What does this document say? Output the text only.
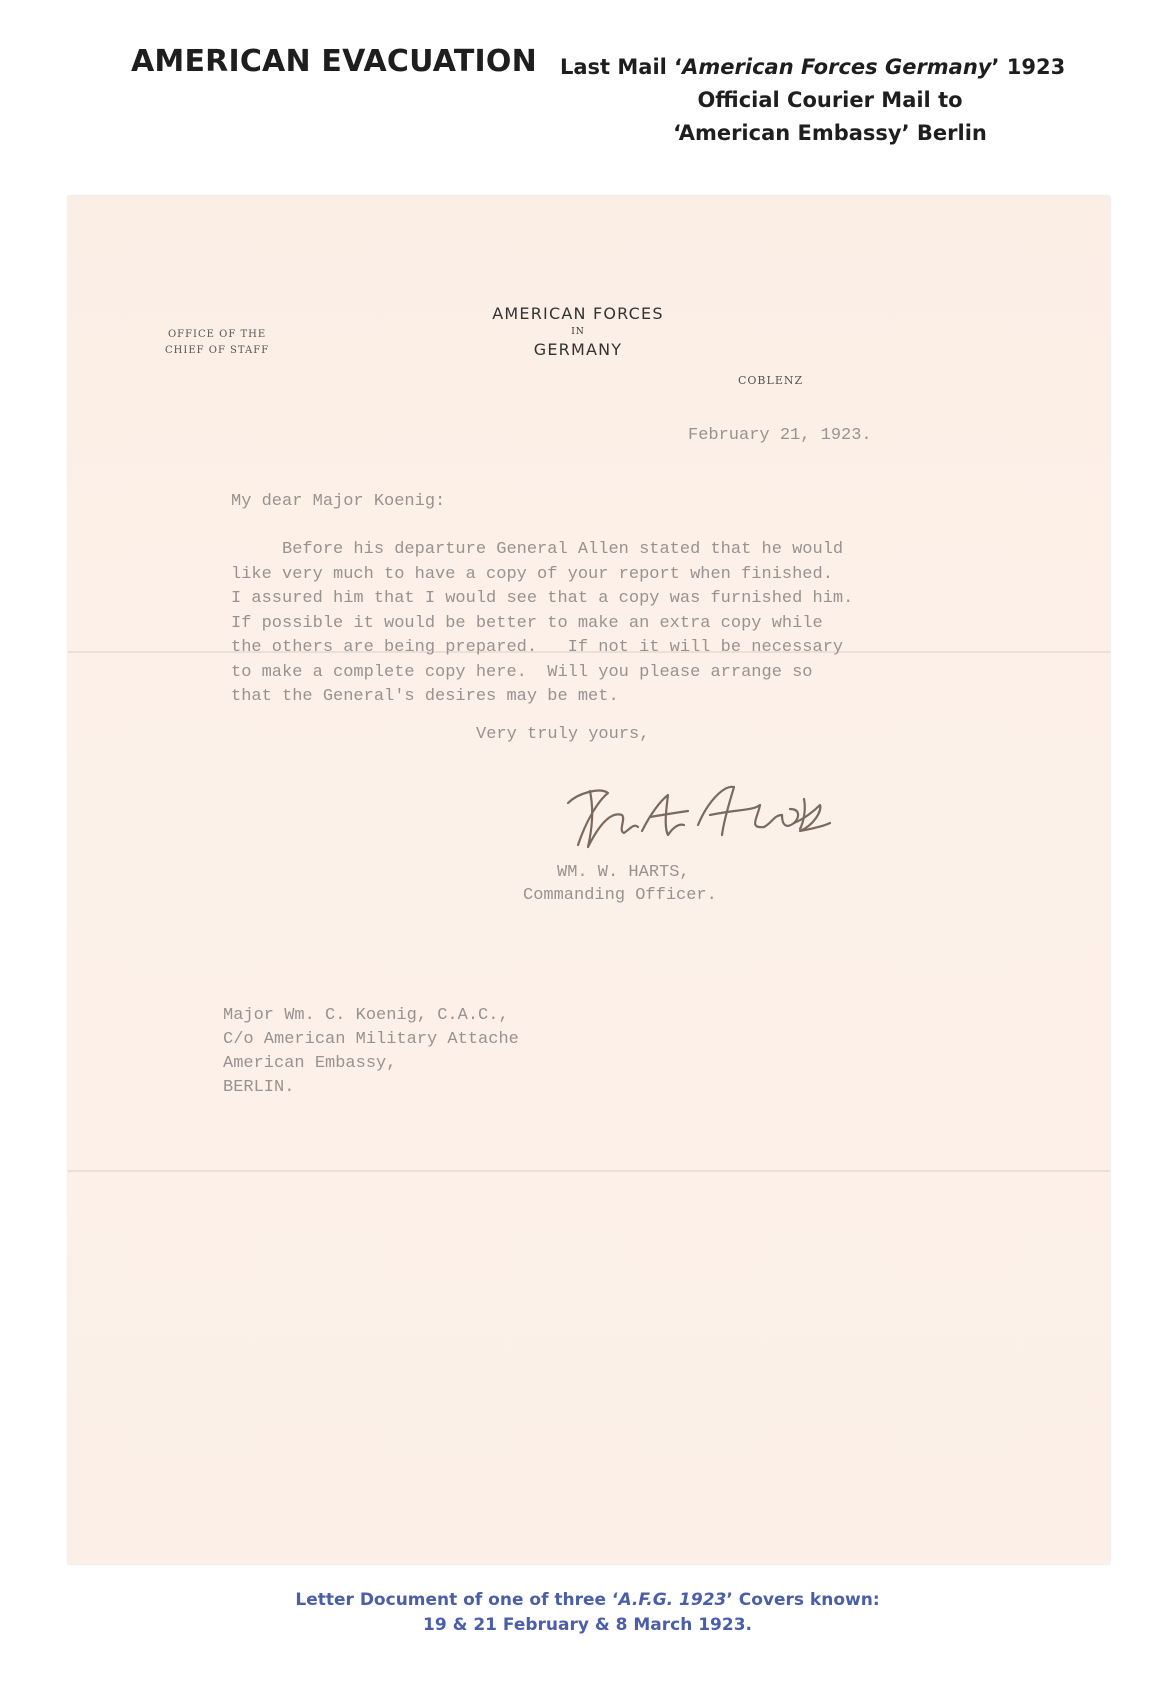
AMERICAN EVACUATION Last Mail ‘American Forces Germany’ 1923
Official Courier Mail to
‘American Embassy’ Berlin
OFFICE OF THE
CHIEF OF STAFF
AMERICAN FORCES
IN
GERMANY
COBLENZ
February 21, 1923.
My dear Major Koenig:
Before his departure General Allen stated that he would
like very much to have a copy of your report when finished.
I assured him that I would see that a copy was furnished him.
If possible it would be better to make an extra copy while
the others are being prepared.   If not it will be necessary
to make a complete copy here.  Will you please arrange so
that the General's desires may be met.
Very truly yours,
WM. W. HARTS,
Commanding Officer.
Major Wm. C. Koenig, C.A.C.,
C/o American Military Attache
American Embassy,
BERLIN.
Letter Document of one of three ‘A.F.G. 1923’ Covers known:
19 & 21 February & 8 March 1923.
